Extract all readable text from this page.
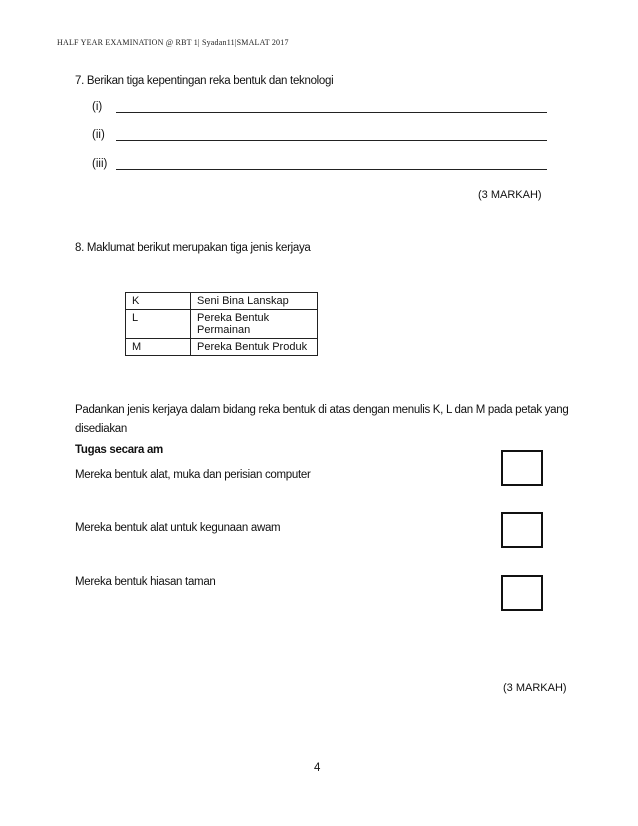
HALF YEAR EXAMINATION @ RBT 1| Syadan11|SMALAT 2017
7. Berikan tiga kepentingan reka bentuk dan teknologi
(i)
(ii)
(iii)
(3 MARKAH)
8. Maklumat berikut merupakan tiga jenis kerjaya
K	Seni Bina Lanskap
L	Pereka Bentuk Permainan
M	Pereka Bentuk Produk
Padankan jenis kerjaya dalam bidang reka bentuk di atas dengan menulis K, L dan M pada petak yang disediakan
Tugas secara am
Mereka bentuk alat, muka dan perisian computer
Mereka bentuk alat untuk kegunaan awam
Mereka bentuk hiasan taman
(3 MARKAH)
4
